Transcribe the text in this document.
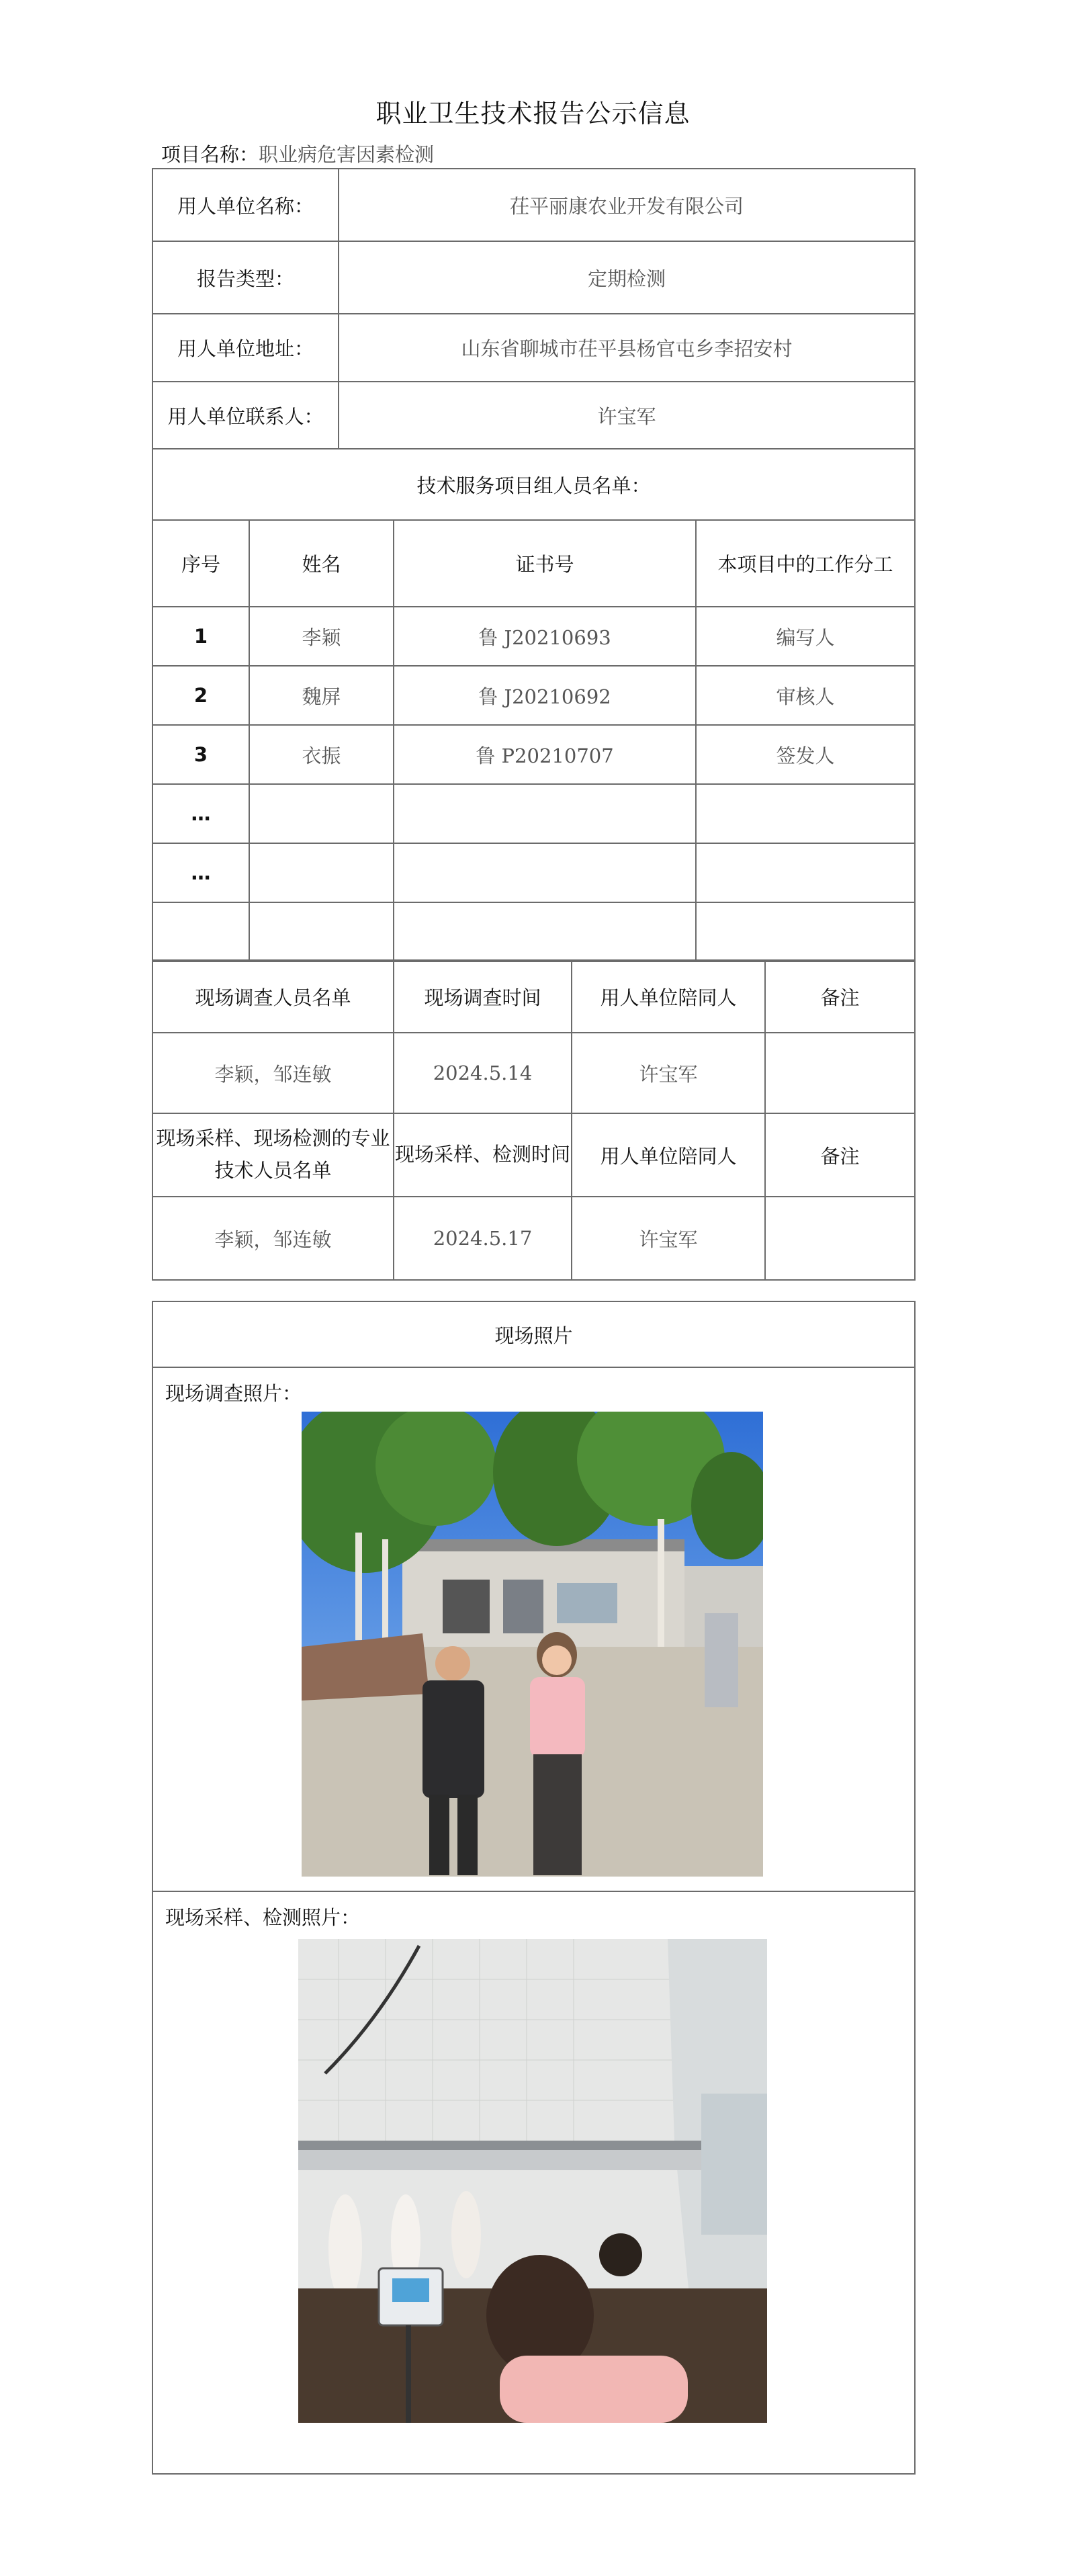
职业卫生技术报告公示信息
项目名称：职业病危害因素检测
用人单位名称：	茌平丽康农业开发有限公司
报告类型：	定期检测
用人单位地址：	山东省聊城市茌平县杨官屯乡李招安村
用人单位联系人：	许宝军
技术服务项目组人员名单：	
序号	姓名	证书号	本项目中的工作分工
1	李颖	鲁 J20210693	编写人
2	魏屏	鲁 J20210692	审核人
3	衣振	鲁 P20210707	签发人
…			
…			

现场调查人员名单	现场调查时间	用人单位陪同人	备注
李颖，邹连敏	2024.5.14	许宝军	
现场采样、现场检测的专业技术人员名单	现场采样、检测时间	用人单位陪同人	备注
李颖，邹连敏	2024.5.17	许宝军	
现场照片
现场调查照片：
现场采样、检测照片：
